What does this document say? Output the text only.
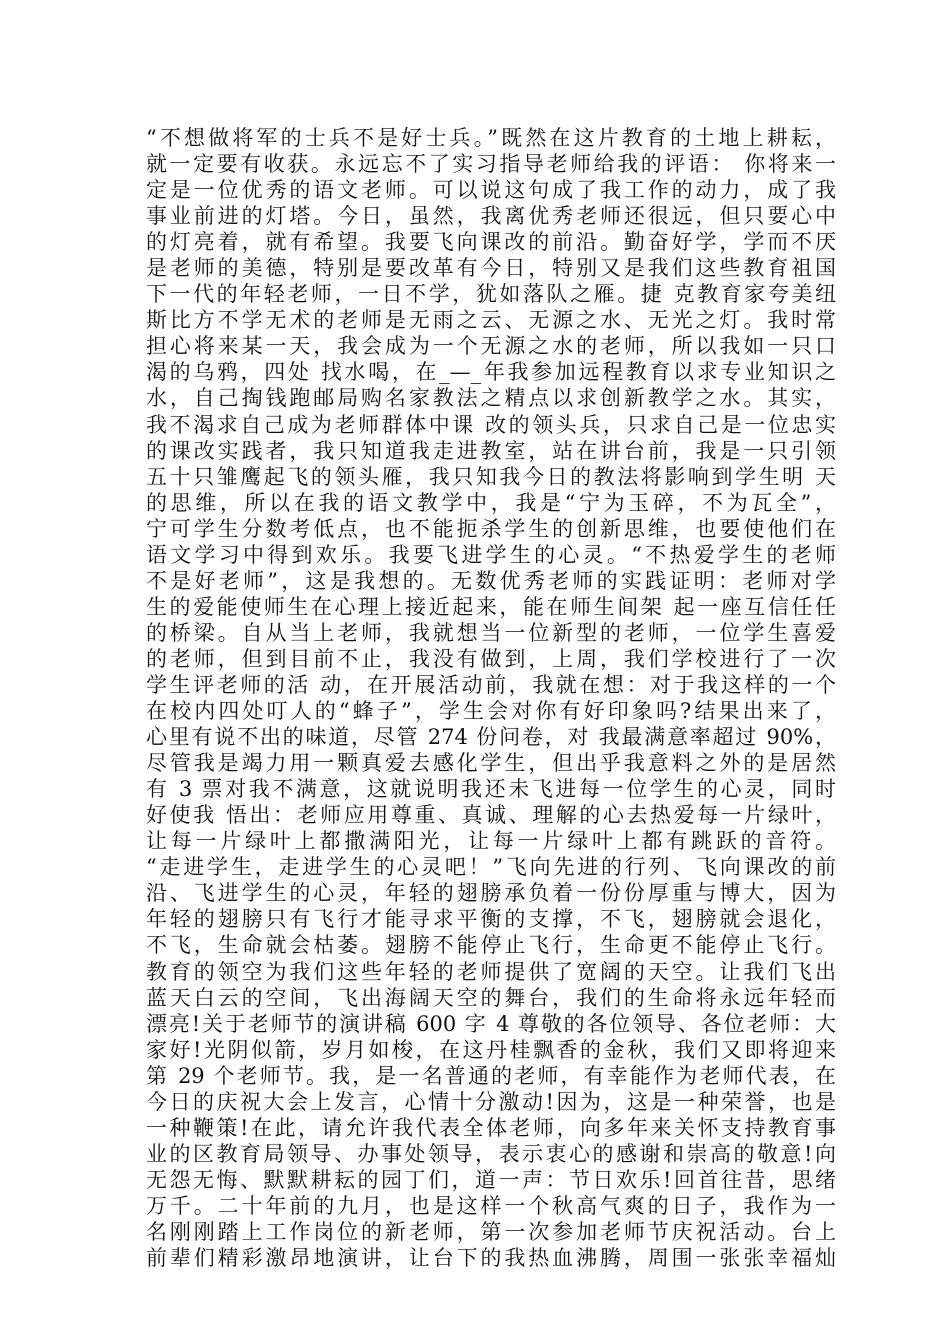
“不想做将军的士兵不是好士兵。”既然在这片教育的土地上耕耘，
就一定要有收获。永远忘不了实习指导老师给我的评语： 你将来一
定是一位优秀的语文老师。可以说这句成了我工作的动力，成了我
事业前进的灯塔。今日，虽然，我离优秀老师还很远，但只要心中
的灯亮着，就有希望。我要飞向课改的前沿。勤奋好学，学而不厌
是老师的美德，特别是要改革有今日，特别又是我们这些教育祖国
下一代的年轻老师，一日不学，犹如落队之雁。捷 克教育家夸美纽
斯比方不学无术的老师是无雨之云、无源之水、无光之灯。我时常
担心将来某一天，我会成为一个无源之水的老师，所以我如一只口
渴的乌鸦，四处 找水喝，在_—_年我参加远程教育以求专业知识之
水，自己掏钱跑邮局购名家教法之精点以求创新教学之水。其实，
我不渴求自己成为老师群体中课 改的领头兵，只求自己是一位忠实
的课改实践者，我只知道我走进教室，站在讲台前，我是一只引领
五十只雏鹰起飞的领头雁，我只知我今日的教法将影响到学生明 天
的思维，所以在我的语文教学中，我是“宁为玉碎，不为瓦全”，
宁可学生分数考低点，也不能扼杀学生的创新思维，也要使他们在
语文学习中得到欢乐。我要飞进学生的心灵。“不热爱学生的老师
不是好老师”，这是我想的。无数优秀老师的实践证明：老师对学
生的爱能使师生在心理上接近起来，能在师生间架 起一座互信任任
的桥梁。自从当上老师，我就想当一位新型的老师，一位学生喜爱
的老师，但到目前不止，我没有做到，上周，我们学校进行了一次
学生评老师的活 动，在开展活动前，我就在想：对于我这样的一个
在校内四处叮人的“蜂子”，学生会对你有好印象吗?结果出来了，
心里有说不出的味道，尽管 274 份问卷，对 我最满意率超过 90%，
尽管我是竭力用一颗真爱去感化学生，但出乎我意料之外的是居然
有 3 票对我不满意，这就说明我还未飞进每一位学生的心灵，同时
好使我 悟出：老师应用尊重、真诚、理解的心去热爱每一片绿叶，
让每一片绿叶上都撒满阳光，让每一片绿叶上都有跳跃的音符。
“走进学生，走进学生的心灵吧！”飞向先进的行列、飞向课改的前
沿、飞进学生的心灵，年轻的翅膀承负着一份份厚重与博大，因为
年轻的翅膀只有飞行才能寻求平衡的支撑，不飞，翅膀就会退化，
不飞，生命就会枯萎。翅膀不能停止飞行，生命更不能停止飞行。
教育的领空为我们这些年轻的老师提供了宽阔的天空。让我们飞出
蓝天白云的空间，飞出海阔天空的舞台，我们的生命将永远年轻而
漂亮!关于老师节的演讲稿 600 字 4 尊敬的各位领导、各位老师：大
家好!光阴似箭，岁月如梭，在这丹桂飘香的金秋，我们又即将迎来
第 29 个老师节。我，是一名普通的老师，有幸能作为老师代表，在
今日的庆祝大会上发言，心情十分激动!因为，这是一种荣誉，也是
一种鞭策!在此，请允许我代表全体老师，向多年来关怀支持教育事
业的区教育局领导、办事处领导，表示衷心的感谢和崇高的敬意!向
无怨无悔、默默耕耘的园丁们，道一声：节日欢乐!回首往昔，思绪
万千。二十年前的九月，也是这样一个秋高气爽的日子，我作为一
名刚刚踏上工作岗位的新老师，第一次参加老师节庆祝活动。台上
前辈们精彩激昂地演讲，让台下的我热血沸腾，周围一张张幸福灿
